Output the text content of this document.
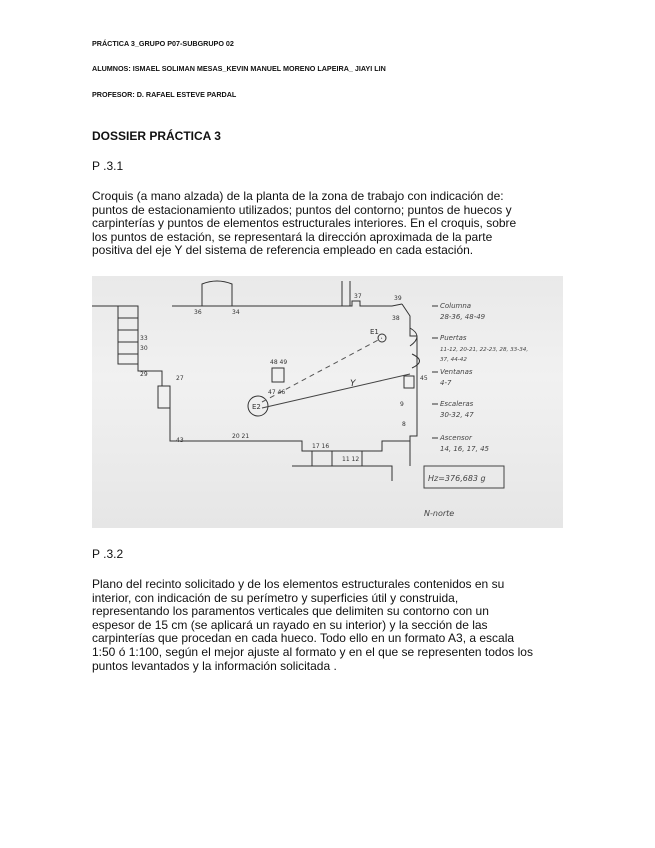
PRÁCTICA 3_GRUPO P07-SUBGRUPO 02
ALUMNOS: ISMAEL SOLIMAN MESAS_KEVIN MANUEL MORENO LAPEIRA_ JIAYI LIN
PROFESOR: D. RAFAEL ESTEVE PARDAL
DOSSIER PRÁCTICA 3
P .3.1
Croquis (a mano alzada) de la planta de la zona de trabajo con indicación de:
puntos de estacionamiento utilizados; puntos del contorno; puntos de huecos y
carpinterías y puntos de elementos estructurales interiores. En el croquis, sobre
los puntos de estación, se representará la dirección aproximada de la parte
positiva del eje Y del sistema de referencia empleado en cada estación.
36	34
37	39
38
45
48 49
47 46
33
30
29
27
20 21
17 16
11 12
9
8
43
E2
E1
Y
Columna
28-36, 48-49
Puertas
11-12, 20-21, 22-23, 28, 33-34,
37, 44-42
Ventanas
4-7
Escaleras
30-32, 47
Ascensor
14, 16, 17, 45
Hz=376,683 g
N-norte
P .3.2
Plano del recinto solicitado y de los elementos estructurales contenidos en su
interior, con indicación de su perímetro y superficies útil y construida,
representando los paramentos verticales que delimiten su contorno con un
espesor de 15 cm (se aplicará un rayado en su interior) y la sección de las
carpinterías que procedan en cada hueco. Todo ello en un formato A3, a escala
1:50 ó 1:100, según el mejor ajuste al formato y en el que se representen todos los
puntos levantados y la información solicitada .
